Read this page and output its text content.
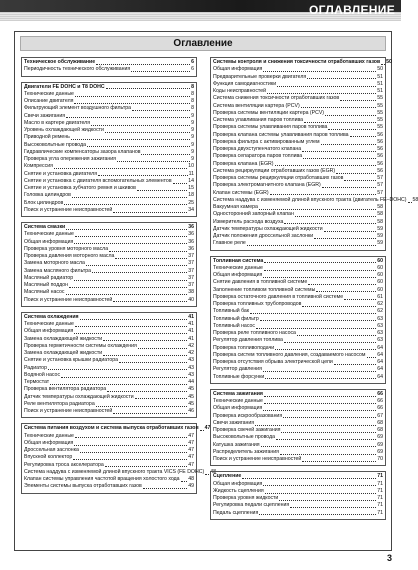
ОГЛАВЛЕНИЕ
Оглавление
Техническое обслуживание	6
Периодичность технического обслуживания	6
Двигатели FE DOHC и T8 DOHC	8
Технические данные	8
Описание двигателя	8
Фильтрующий элемент воздушного фильтра	8
Свечи зажигания	9
Масло в картере двигателя	9
Уровень охлаждающей жидкости	9
Приводной ремень	9
Высоковольтные провода	9
Гидравлические компенсаторы зазора клапанов	9
Проверка угла опережения зажигания	9
Компрессия	10
Снятие и установка двигателя	11
Снятие и установка с двигателя вспомогательных элементов	14
Снятие и установка зубчатого ремня и шкивов	15
Головка цилиндров	18
Блок цилиндров	25
Поиск и устранение неисправностей	34
Система смазки	36
Технические данные	36
Общая информация	36
Проверка уровня моторного масла	36
Проверка давления моторного масла	37
Замена моторного масла	37
Замена масляного фильтра	37
Масляный радиатор	37
Масляный поддон	37
Масляный насос	38
Поиск и устранение неисправностей	40
Система охлаждения	41
Технические данные	41
Общая информация	41
Замена охлаждающей жидкости	41
Проверка герметичности системы охлаждения	42
Замена охлаждающей жидкости	42
Снятие и установка крышки радиатора	43
Радиатор	43
Водяной насос	43
Термостат	44
Проверка вентилятора радиатора	45
Датчик температуры охлаждающей жидкости	45
Реле вентилятора радиатора	45
Поиск и устранение неисправностей	46
Система питания воздухом и система выпуска отработавших газов 47
Технические данные	47
Общая информация	47
Дроссельная заслонка	47
Впускной коллектор	47
Регулировка троса акселератора	47
Система наддува с изменяемой длиной впускного тракта VICS (FE DOHC) 48
Клапан системы управления частотой вращения холостого хода 48
Элементы системы выпуска отработавших газов	49
Системы контроля и снижения токсичности отработавших газов 50
Общая информация	50
Предварительные проверки двигателя	51
Функция самодиагностики	51
Коды неисправностей	51
Система снижения токсичности отработавших газов	55
Система вентиляции картера (PCV)	55
Проверка системы вентиляции картера (PCV)	55
Система улавливания паров топлива	55
Проверка системы улавливания паров топлива	55
Проверка клапана системы улавливания паров топлива	56
Проверка фильтра с активированным углем	56
Проверка двухступенчатого клапана	56
Проверка сепаратора паров топлива	56
Проверка клапана (EGR)	56
Система рециркуляции отработавших газов (EGR)	56
Проверка системы рециркуляции отработавших газов	57
Проверка электромагнитного клапана (EGR)	57
Клапан системы (EGR)	57
Система наддува с изменяемой длиной впускного тракта (двигатель FE–DOHC) 58
Вакуумная камера	58
Односторонний запорный клапан	58
Измеритель расхода воздуха	58
Датчик температуры охлаждающей жидкости	59
Датчик положения дроссельной заслонки	59
Главное реле	59
Топливная система	60
Технические данные	60
Общая информация	60
Снятие давления в топливной системе	60
Заполнение топливом топливной системы	60
Проверка остаточного давления в топливной системе	61
Проверка топливных трубопроводов	62
Топливный бак	62
Топливный фильтр	63
Топливный насос	63
Проверка реле топливного насоса	63
Регулятор давления топлива	63
Проверка топливоподачи	64
Проверка систем топливного давления, создаваемого насосом 64
Проверка отсутствия обрыва электрической цепи	64
Регулятор давления	64
Топливные форсунки	64
Система зажигания	66
Технические данные	66
Общая информация	66
Проверка искрообразования	67
Свечи зажигания	68
Проверка свечей зажигания	68
Высоковольтные провода	69
Катушка зажигания	69
Распределитель зажигания	69
Поиск и устранение неисправностей	70
Сцепление	71
Общая информация	71
Жидкость сцепления	71
Проверка уровня жидкости	71
Регулировка педали сцепления	71
Педаль сцепления	71
3
